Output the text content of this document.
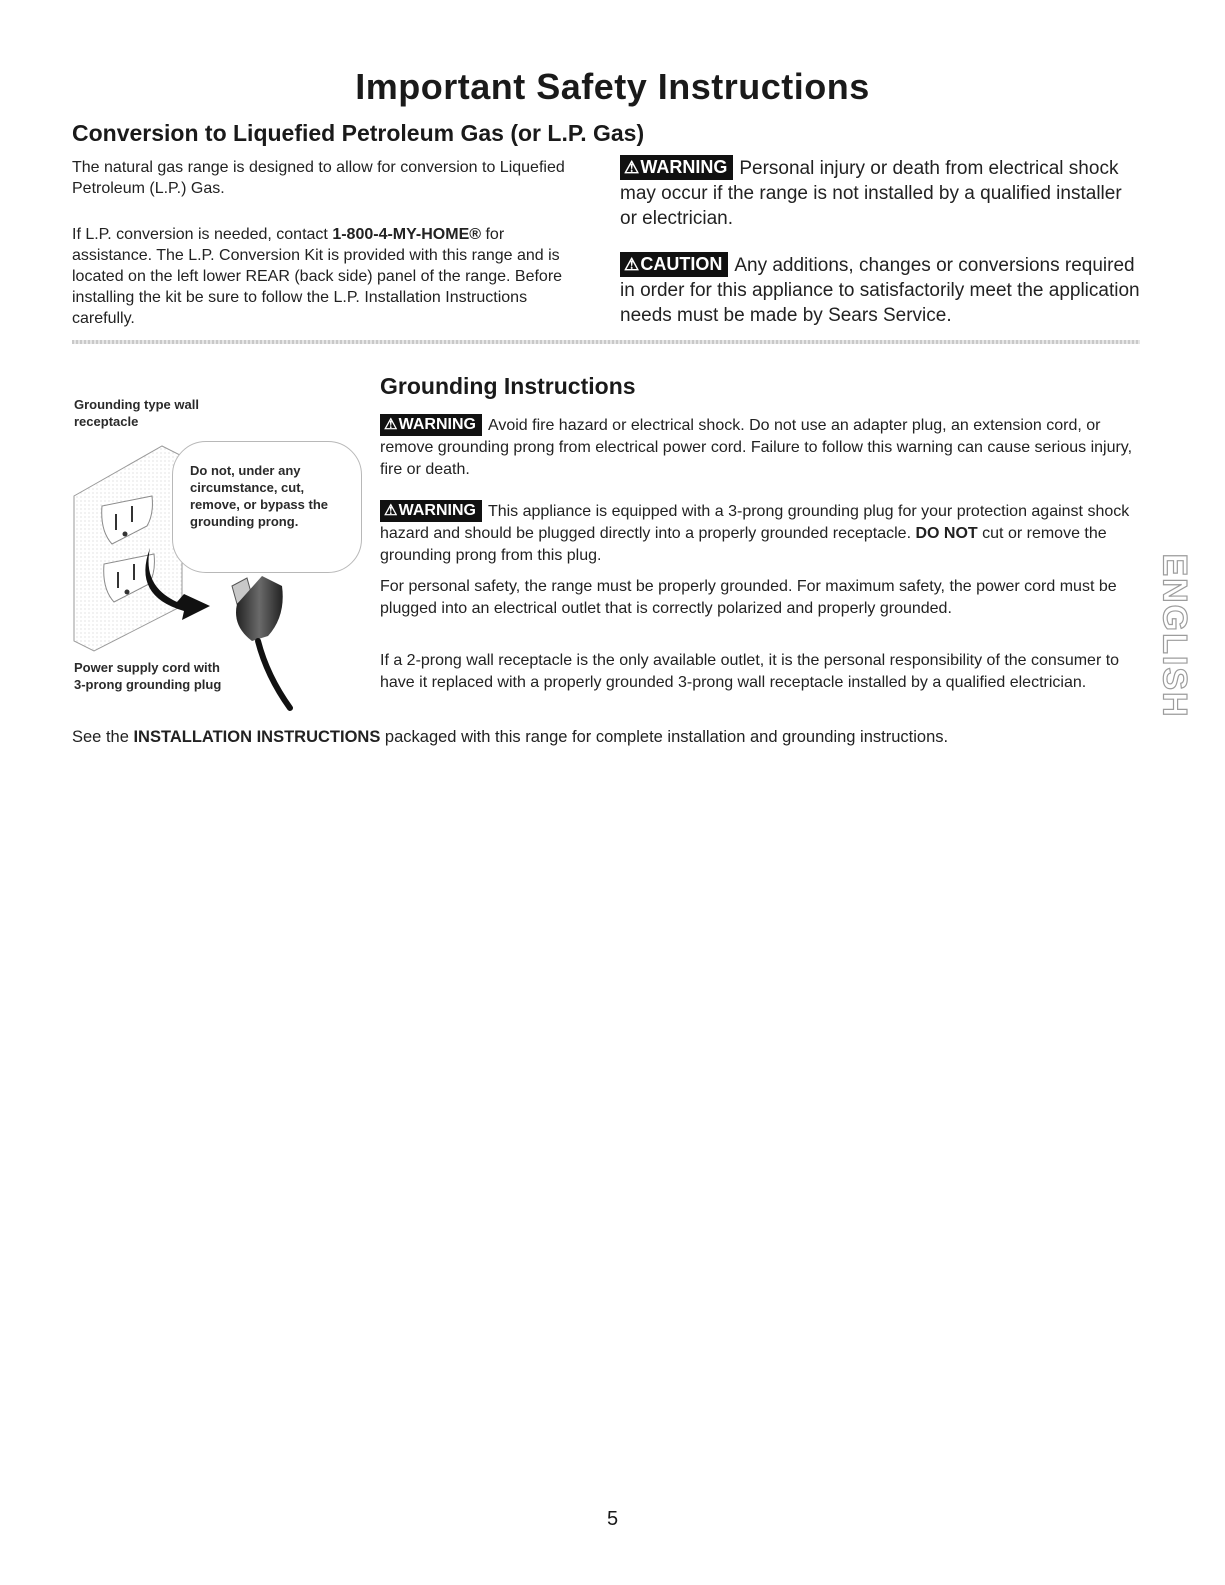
Important Safety Instructions
Conversion to Liquefied Petroleum Gas (or L.P. Gas)

The natural gas range is designed to allow for conversion to Liquefied Petroleum (L.P.) Gas.

If L.P. conversion is needed, contact 1-800-4-MY-HOME® for assistance. The L.P. Conversion Kit is provided with this range and is located on the left lower REAR (back side) panel of the range. Before installing the kit be sure to follow the L.P. Installation Instructions carefully.

⚠WARNING Personal injury or death from electrical shock may occur if the range is not installed by a qualified installer or electrician.

⚠CAUTION Any additions, changes or conversions required in order for this appliance to satisfactorily meet the application needs must be made by Sears Service.

Grounding type wall receptacle

Do not, under any circumstance, cut, remove, or bypass the grounding prong.

Power supply cord with 3-prong grounding plug

Grounding Instructions

⚠WARNING Avoid fire hazard or electrical shock. Do not use an adapter plug, an extension cord, or remove grounding prong from electrical power cord. Failure to follow this warning can cause serious injury, fire or death.

⚠WARNING This appliance is equipped with a 3-prong grounding plug for your protection against shock hazard and should be plugged directly into a properly grounded receptacle. DO NOT cut or remove the grounding prong from this plug.

For personal safety, the range must be properly grounded. For maximum safety, the power cord must be plugged into an electrical outlet that is correctly polarized and properly grounded.

If a 2-prong wall receptacle is the only available outlet, it is the personal responsibility of the consumer to have it replaced with a properly grounded 3-prong wall receptacle installed by a qualified electrician.

See the INSTALLATION INSTRUCTIONS packaged with this range for complete installation and grounding instructions.

ENGLISH

5
